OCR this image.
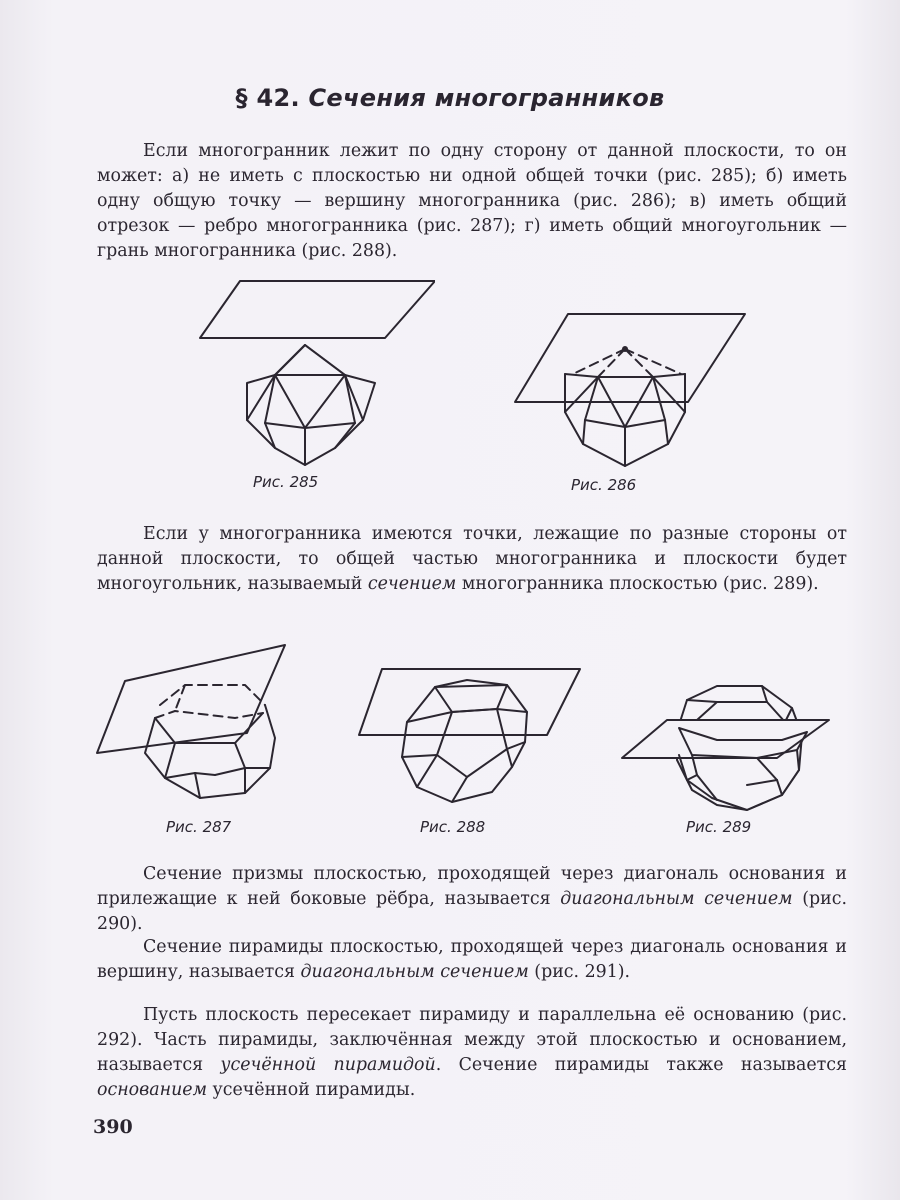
§ 42. Сечения многогранников

Если многогранник лежит по одну сторону от данной плоскости, то он может: а) не иметь с плоскостью ни одной общей точки (рис. 285); б) иметь одну общую точку — вершину многогранника (рис. 286); в) иметь общий отрезок — ребро многогранника (рис. 287); г) иметь общий многоугольник — грань многогранника (рис. 288).

Рис. 285	Рис. 286

Если у многогранника имеются точки, лежащие по разные стороны от данной плоскости, то общей частью многогранника и плоскости будет многоугольник, называемый сечением многогранника плоскостью (рис. 289).

Рис. 287	Рис. 288	Рис. 289

Сечение призмы плоскостью, проходящей через диагональ основания и прилежащие к ней боковые рёбра, называется диагональным сечением (рис. 290).

Сечение пирамиды плоскостью, проходящей через диагональ основания и вершину, называется диагональным сечением (рис. 291).

Пусть плоскость пересекает пирамиду и параллельна её основанию (рис. 292). Часть пирамиды, заключённая между этой плоскостью и основанием, называется усечённой пирамидой. Сечение пирамиды также называется основанием усечённой пирамиды.

390
